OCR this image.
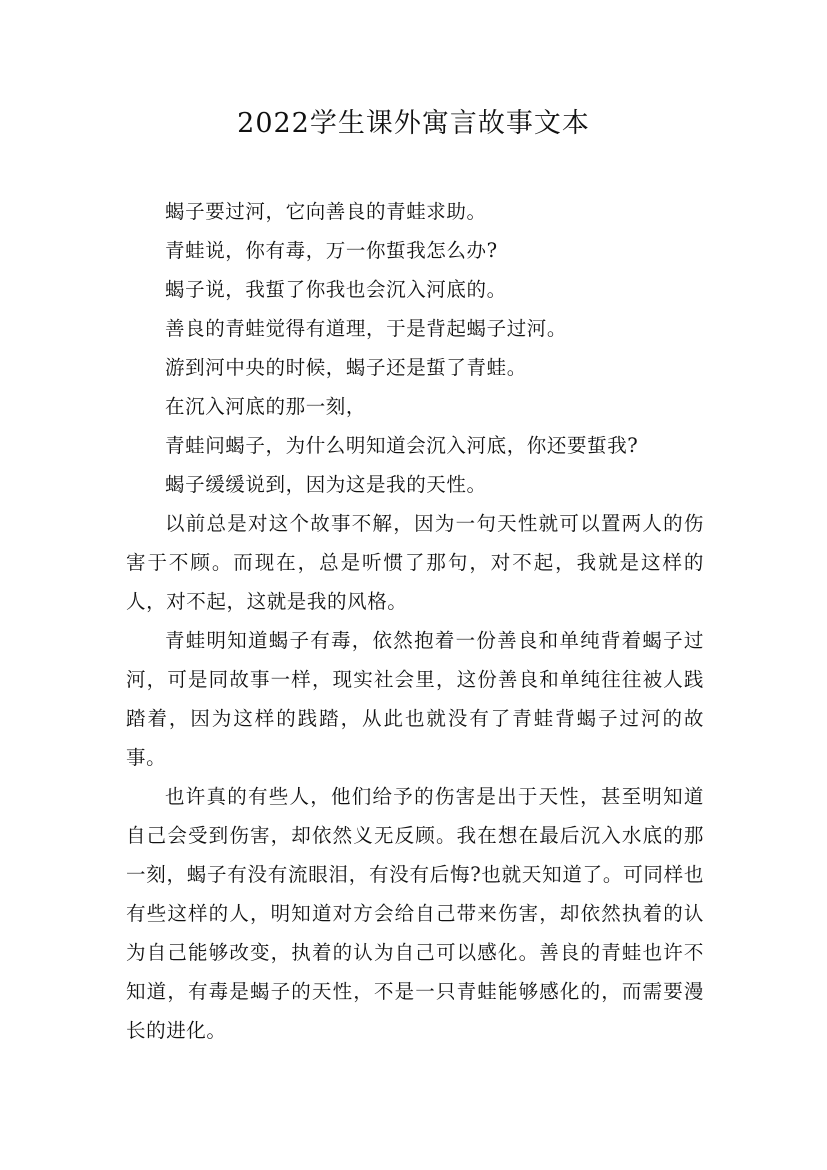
2022学生课外寓言故事文本

蝎子要过河，它向善良的青蛙求助。

青蛙说，你有毒，万一你蜇我怎么办?

蝎子说，我蜇了你我也会沉入河底的。

善良的青蛙觉得有道理，于是背起蝎子过河。

游到河中央的时候，蝎子还是蜇了青蛙。

在沉入河底的那一刻，

青蛙问蝎子，为什么明知道会沉入河底，你还要蜇我?

蝎子缓缓说到，因为这是我的天性。

以前总是对这个故事不解，因为一句天性就可以置两人的伤害于不顾。而现在，总是听惯了那句，对不起，我就是这样的人，对不起，这就是我的风格。

青蛙明知道蝎子有毒，依然抱着一份善良和单纯背着蝎子过河，可是同故事一样，现实社会里，这份善良和单纯往往被人践踏着，因为这样的践踏，从此也就没有了青蛙背蝎子过河的故事。

也许真的有些人，他们给予的伤害是出于天性，甚至明知道自己会受到伤害，却依然义无反顾。我在想在最后沉入水底的那一刻，蝎子有没有流眼泪，有没有后悔?也就天知道了。可同样也有些这样的人，明知道对方会给自己带来伤害，却依然执着的认为自己能够改变，执着的认为自己可以感化。善良的青蛙也许不知道，有毒是蝎子的天性，不是一只青蛙能够感化的，而需要漫长的进化。
